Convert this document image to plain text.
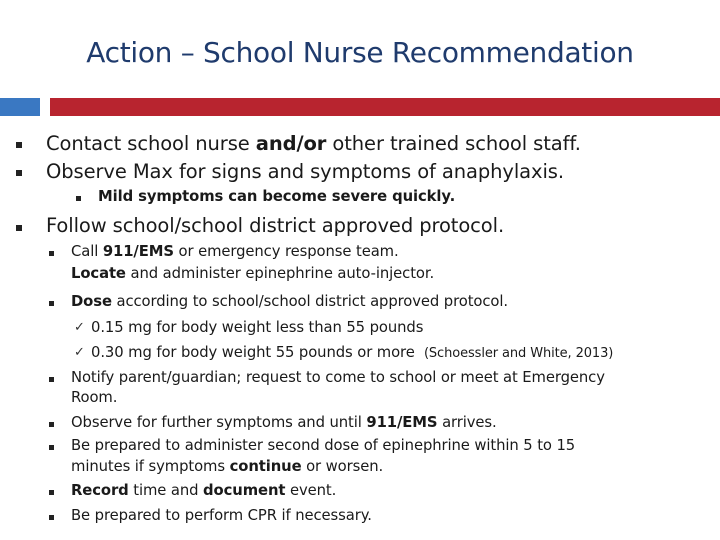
Action – School Nurse Recommendation
Contact school nurse and/or other trained school staff.
Observe Max for signs and symptoms of anaphylaxis.
Mild symptoms can become severe quickly.
Follow school/school district approved protocol.
Call 911/EMS or emergency response team.
Locate and administer epinephrine auto-injector.
Dose according to school/school district approved protocol.
✓ 0.15 mg for body weight less than 55 pounds
✓ 0.30 mg for body weight 55 pounds or more (Schoessler and White, 2013)
Notify parent/guardian; request to come to school or meet at Emergency
Room.
Observe for further symptoms and until 911/EMS arrives.
Be prepared to administer second dose of epinephrine within 5 to 15
minutes if symptoms continue or worsen.
Record time and document event.
Be prepared to perform CPR if necessary.
